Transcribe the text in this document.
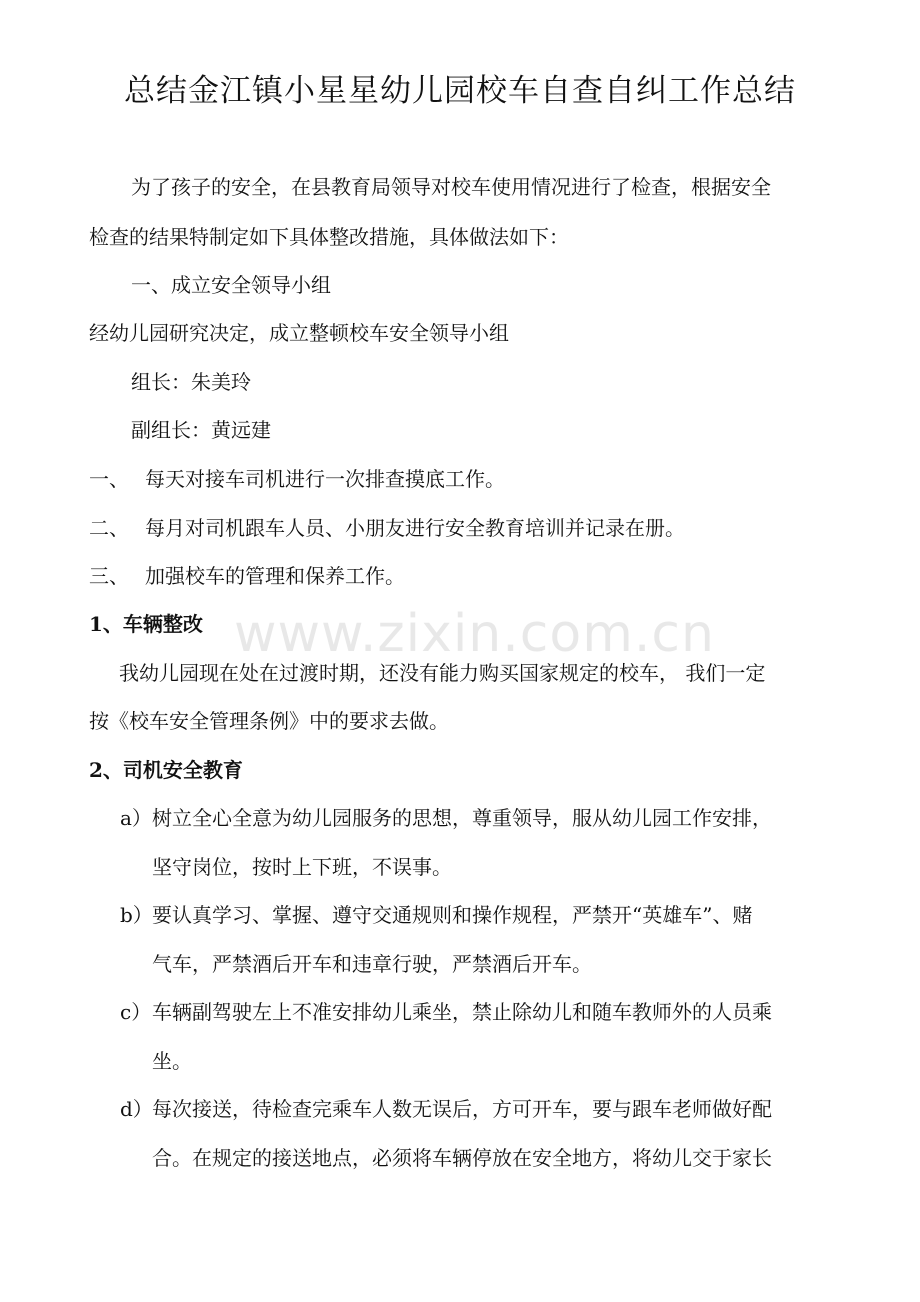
总结金江镇小星星幼儿园校车自查自纠工作总结
www.zixin.com.cn
为了孩子的安全，在县教育局领导对校车使用情况进行了检查，根据安全
检查的结果特制定如下具体整改措施，具体做法如下：
一、成立安全领导小组
经幼儿园研究决定，成立整顿校车安全领导小组
组长：朱美玲
副组长：黄远建
一、 每天对接车司机进行一次排查摸底工作。
二、 每月对司机跟车人员、小朋友进行安全教育培训并记录在册。
三、 加强校车的管理和保养工作。
1、车辆整改
我幼儿园现在处在过渡时期，还没有能力购买国家规定的校车， 我们一定
按《校车安全管理条例》中的要求去做。
2、司机安全教育
a）树立全心全意为幼儿园服务的思想，尊重领导，服从幼儿园工作安排，
坚守岗位，按时上下班，不误事。
b）要认真学习、掌握、遵守交通规则和操作规程，严禁开“英雄车”、赌
气车，严禁酒后开车和违章行驶，严禁酒后开车。
c）车辆副驾驶左上不准安排幼儿乘坐，禁止除幼儿和随车教师外的人员乘
坐。
d）每次接送，待检查完乘车人数无误后，方可开车，要与跟车老师做好配
合。在规定的接送地点，必须将车辆停放在安全地方，将幼儿交于家长
